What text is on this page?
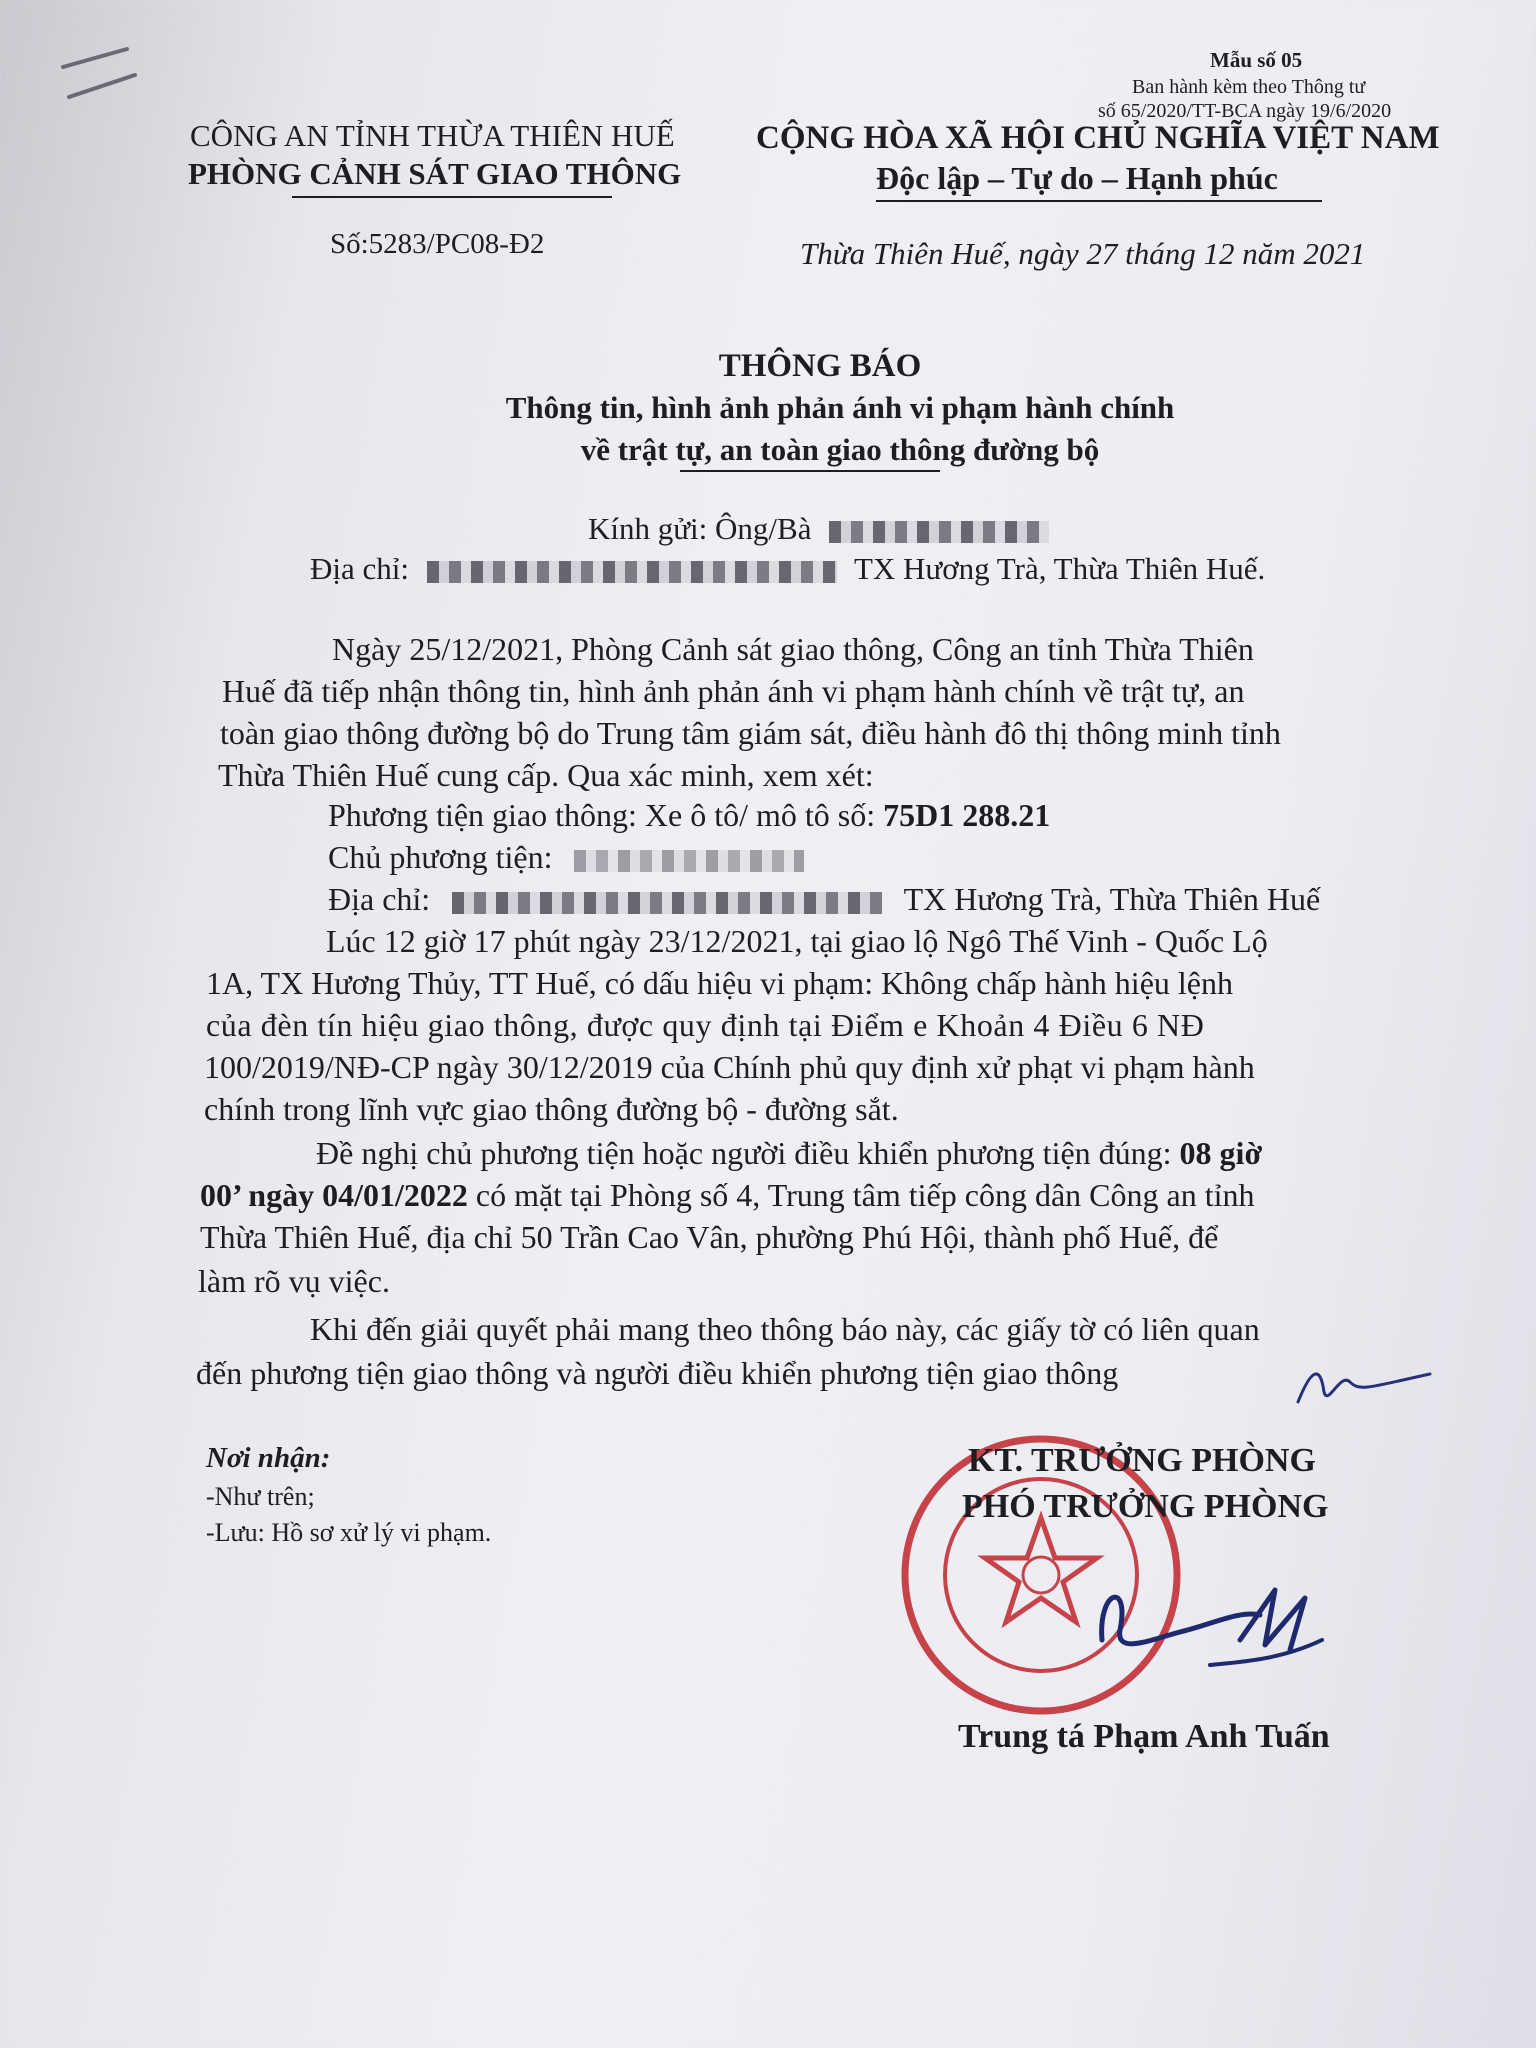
Mẫu số 05
Ban hành kèm theo Thông tư
số 65/2020/TT-BCA ngày 19/6/2020
CÔNG AN TỈNH THỪA THIÊN HUẾ
PHÒNG CẢNH SÁT GIAO THÔNG
Số:5283/PC08-Đ2
CỘNG HÒA XÃ HỘI CHỦ NGHĨA VIỆT NAM
Độc lập – Tự do – Hạnh phúc
Thừa Thiên Huế, ngày 27 tháng 12 năm 2021
THÔNG BÁO
Thông tin, hình ảnh phản ánh vi phạm hành chính
về trật tự, an toàn giao thông đường bộ
Kính gửi: Ông/Bà
Địa chỉ:	TX Hương Trà, Thừa Thiên Huế.
Ngày 25/12/2021, Phòng Cảnh sát giao thông, Công an tỉnh Thừa Thiên
Huế đã tiếp nhận thông tin, hình ảnh phản ánh vi phạm hành chính về trật tự, an
toàn giao thông đường bộ do Trung tâm giám sát, điều hành đô thị thông minh tỉnh
Thừa Thiên Huế cung cấp. Qua xác minh, xem xét:
Phương tiện giao thông: Xe ô tô/ mô tô số: 75D1 288.21
Chủ phương tiện:
Địa chỉ:	TX Hương Trà, Thừa Thiên Huế
Lúc 12 giờ 17 phút ngày 23/12/2021, tại giao lộ Ngô Thế Vinh - Quốc Lộ
1A, TX Hương Thủy, TT Huế, có dấu hiệu vi phạm: Không chấp hành hiệu lệnh
của đèn tín hiệu giao thông, được quy định tại Điểm e Khoản 4 Điều 6 NĐ
100/2019/NĐ-CP ngày 30/12/2019 của Chính phủ quy định xử phạt vi phạm hành
chính trong lĩnh vực giao thông đường bộ - đường sắt.
Đề nghị chủ phương tiện hoặc người điều khiển phương tiện đúng: 08 giờ
00’ ngày 04/01/2022 có mặt tại Phòng số 4, Trung tâm tiếp công dân Công an tỉnh
Thừa Thiên Huế, địa chỉ 50 Trần Cao Vân, phường Phú Hội, thành phố Huế, để
làm rõ vụ việc.
Khi đến giải quyết phải mang theo thông báo này, các giấy tờ có liên quan
đến phương tiện giao thông và người điều khiển phương tiện giao thông
Nơi nhận:
-Như trên;
-Lưu: Hồ sơ xử lý vi phạm.
KT. TRƯỞNG PHÒNG
PHÓ TRƯỞNG PHÒNG
Trung tá Phạm Anh Tuấn
